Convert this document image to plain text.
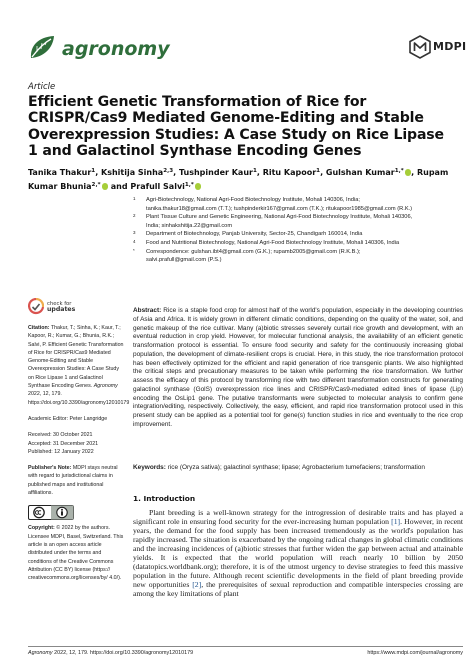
agronomy	MDPI
Article
Efficient Genetic Transformation of Rice for CRISPR/Cas9 Mediated Genome-Editing and Stable Overexpression Studies: A Case Study on Rice Lipase 1 and Galactinol Synthase Encoding Genes
Tanika Thakur$^1$, Kshitija Sinha$^{2,3}$, Tushpinder Kaur$^1$, Ritu Kapoor$^1$, Gulshan Kumar$^{1,*}$ , Rupam Kumar Bhunia$^{2,*}$ and Prafull Salvi$^{1,*}$
1 Agri-Biotechnology, National Agri-Food Biotechnology Institute, Mohali 140306, India;
tanika.thakur18@gmail.com (T.T.); tushpinderkir167@gmail.com (T.K.); ritukapoor1985@gmail.com (R.K.)
2 Plant Tissue Culture and Genetic Engineering, National Agri-Food Biotechnology Institute, Mohali 140306,
India; sinhakshitija.22@gmail.com
3 Department of Biotechnology, Panjab University, Sector-25, Chandigarh 160014, India
4 Food and Nutritional Biotechnology, National Agri-Food Biotechnology Institute, Mohali 140306, India
* Correspondence: gulshan.ibt4@gmail.com (G.K.); rupamb2005@gmail.com (R.K.B.);
salvi.prafull@gmail.com (P.S.)
check for
updates
Citation: Thakur, T.; Sinha, K.; Kaur, T.; Kapoor, R.; Kumar, G.; Bhunia, R.K.; Salvi, P. Efficient Genetic Transformation of Rice for CRISPR/Cas9 Mediated Genome-Editing and Stable Overexpression Studies: A Case Study on Rice Lipase 1 and Galactinol Synthase Encoding Genes. Agronomy 2022, 12, 179. https://doi.org/10.3390/agronomy12010179
Academic Editor: Peter Langridge
Received: 30 October 2021
Accepted: 31 December 2021
Published: 12 January 2022
Publisher's Note: MDPI stays neutral with regard to jurisdictional claims in published maps and institutional affiliations.
Copyright: © 2022 by the authors. Licensee MDPI, Basel, Switzerland. This article is an open access article distributed under the terms and conditions of the Creative Commons Attribution (CC BY) license (https:// creativecommons.org/licenses/by/ 4.0/).
Abstract: Rice is a staple food crop for almost half of the world's population, especially in the developing countries of Asia and Africa. It is widely grown in different climatic conditions, depending on the quality of the water, soil, and genetic makeup of the rice cultivar. Many (a)biotic stresses severely curtail rice growth and development, with an eventual reduction in crop yield. However, for molecular functional analysis, the availability of an efficient genetic transformation protocol is essential. To ensure food security and safety for the continuously increasing global population, the development of climate-resilient crops is crucial. Here, in this study, the rice transformation protocol has been effectively optimized for the efficient and rapid generation of rice transgenic plants. We also highlighted the critical steps and precautionary measures to be taken while performing the rice transformation. We further assess the efficacy of this protocol by transforming rice with two different transformation constructs for generating galactinol synthase (GolS) overexpression rice lines and CRISPR/Cas9-mediated edited lines of lipase (Lip) encoding the OsLip1 gene. The putative transformants were subjected to molecular analysis to confirm gene integration/editing, respectively. Collectively, the easy, efficient, and rapid rice transformation protocol used in this present study can be applied as a potential tool for gene(s) function studies in rice and eventually to the rice crop improvement.
Keywords: rice (Oryza sativa); galactinol synthase; lipase; Agrobacterium tumefaciens; transformation
1. Introduction
Plant breeding is a well-known strategy for the introgression of desirable traits and has played a significant role in ensuring food security for the ever-increasing human population [1]. However, in recent years, the demand for the food supply has been increased tremendously as the world's population has rapidly increased. The situation is exacerbated by the ongoing radical changes in global climatic conditions and the increasing incidences of (a)biotic stresses that further widen the gap between actual and attainable yields. It is expected that the world population will reach nearly 10 billion by 2050 (datatopics.worldbank.org); therefore, it is of the utmost urgency to devise strategies to feed this massive population in the future. Although recent scientific developments in the field of plant breeding provide new opportunities [2], the prerequisites of sexual reproduction and compatible interspecies crossing are among the key limitations of plant
Agronomy 2022, 12, 179. https://doi.org/10.3390/agronomy12010179	https://www.mdpi.com/journal/agronomy
